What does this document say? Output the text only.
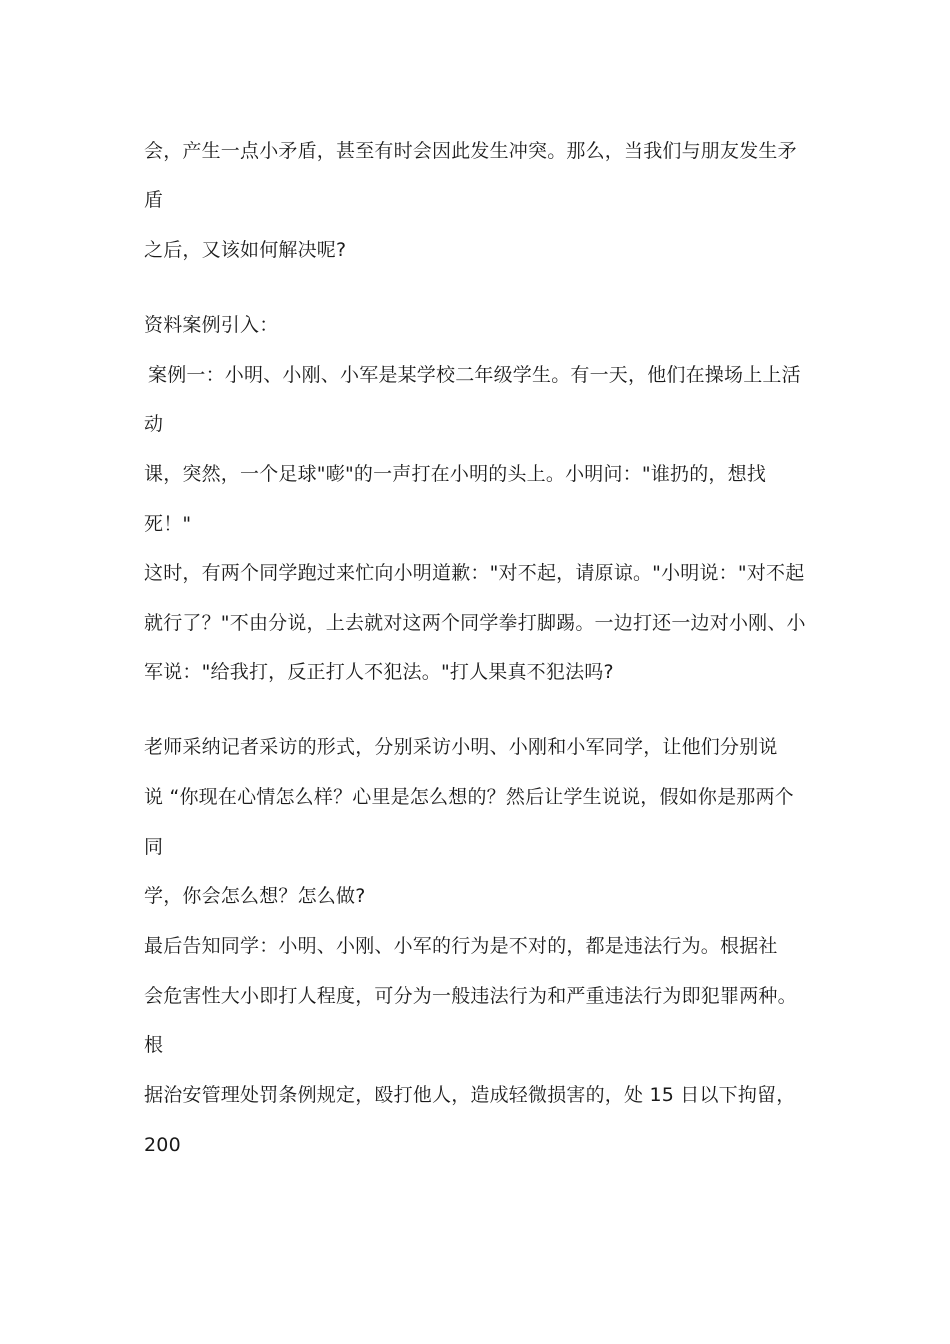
会，产生一点小矛盾，甚至有时会因此发生冲突。那么，当我们与朋友发生矛
盾
之后，又该如何解决呢?
资料案例引入：
案例一：小明、小刚、小军是某学校二年级学生。有一天，他们在操场上上活
动
课，突然，一个足球"嘭"的一声打在小明的头上。小明问："谁扔的，想找
死！"
这时，有两个同学跑过来忙向小明道歉："对不起，请原谅。"小明说："对不起
就行了？"不由分说，上去就对这两个同学拳打脚踢。一边打还一边对小刚、小
军说："给我打，反正打人不犯法。"打人果真不犯法吗?
老师采纳记者采访的形式，分别采访小明、小刚和小军同学，让他们分别说
说 “你现在心情怎么样？心里是怎么想的？然后让学生说说，假如你是那两个
同
学，你会怎么想？怎么做?
最后告知同学：小明、小刚、小军的行为是不对的，都是违法行为。根据社
会危害性大小即打人程度，可分为一般违法行为和严重违法行为即犯罪两种。
根
据治安管理处罚条例规定，殴打他人，造成轻微损害的，处 15 日以下拘留，
200
